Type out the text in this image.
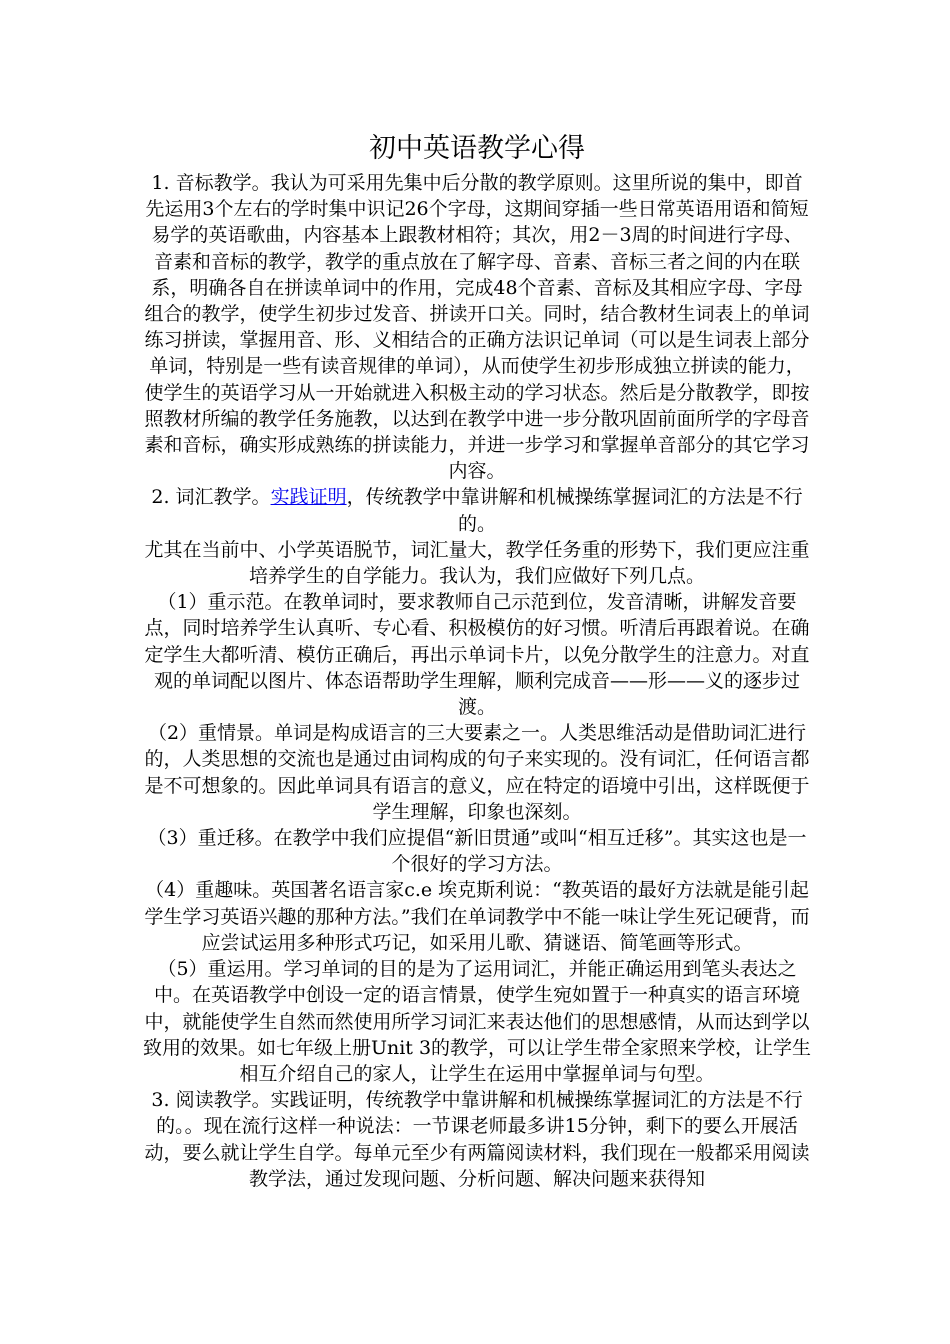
初中英语教学心得

1. 音标教学。我认为可采用先集中后分散的教学原则。这里所说的集中，即首先运用3个左右的学时集中识记26个字母，这期间穿插一些日常英语用语和简短易学的英语歌曲，内容基本上跟教材相符；其次，用2－3周的时间进行字母、音素和音标的教学，教学的重点放在了解字母、音素、音标三者之间的内在联系，明确各自在拼读单词中的作用，完成48个音素、音标及其相应字母、字母组合的教学，使学生初步过发音、拼读开口关。同时，结合教材生词表上的单词练习拼读，掌握用音、形、义相结合的正确方法识记单词（可以是生词表上部分单词，特别是一些有读音规律的单词），从而使学生初步形成独立拼读的能力，使学生的英语学习从一开始就进入积极主动的学习状态。然后是分散教学，即按照教材所编的教学任务施教，以达到在教学中进一步分散巩固前面所学的字母音素和音标，确实形成熟练的拼读能力，并进一步学习和掌握单音部分的其它学习内容。

2. 词汇教学。实践证明，传统教学中靠讲解和机械操练掌握词汇的方法是不行的。

尤其在当前中、小学英语脱节，词汇量大，教学任务重的形势下，我们更应注重培养学生的自学能力。我认为，我们应做好下列几点。

（1）重示范。在教单词时，要求教师自己示范到位，发音清晰，讲解发音要点，同时培养学生认真听、专心看、积极模仿的好习惯。听清后再跟着说。在确定学生大都听清、模仿正确后，再出示单词卡片，以免分散学生的注意力。对直观的单词配以图片、体态语帮助学生理解，顺利完成音——形——义的逐步过渡。

（2）重情景。单词是构成语言的三大要素之一。人类思维活动是借助词汇进行的，人类思想的交流也是通过由词构成的句子来实现的。没有词汇，任何语言都是不可想象的。因此单词具有语言的意义，应在特定的语境中引出，这样既便于学生理解，印象也深刻。

（3）重迁移。在教学中我们应提倡“新旧贯通”或叫“相互迁移”。其实这也是一个很好的学习方法。

（4）重趣味。英国著名语言家c.e 埃克斯利说：“教英语的最好方法就是能引起学生学习英语兴趣的那种方法。”我们在单词教学中不能一味让学生死记硬背，而应尝试运用多种形式巧记，如采用儿歌、猜谜语、简笔画等形式。

（5）重运用。学习单词的目的是为了运用词汇，并能正确运用到笔头表达之中。在英语教学中创设一定的语言情景，使学生宛如置于一种真实的语言环境中，就能使学生自然而然使用所学习词汇来表达他们的思想感情，从而达到学以致用的效果。如七年级上册Unit 3的教学，可以让学生带全家照来学校，让学生相互介绍自己的家人，让学生在运用中掌握单词与句型。

3. 阅读教学。实践证明，传统教学中靠讲解和机械操练掌握词汇的方法是不行的。。现在流行这样一种说法：一节课老师最多讲15分钟，剩下的要么开展活动，要么就让学生自学。每单元至少有两篇阅读材料，我们现在一般都采用阅读教学法，通过发现问题、分析问题、解决问题来获得知
